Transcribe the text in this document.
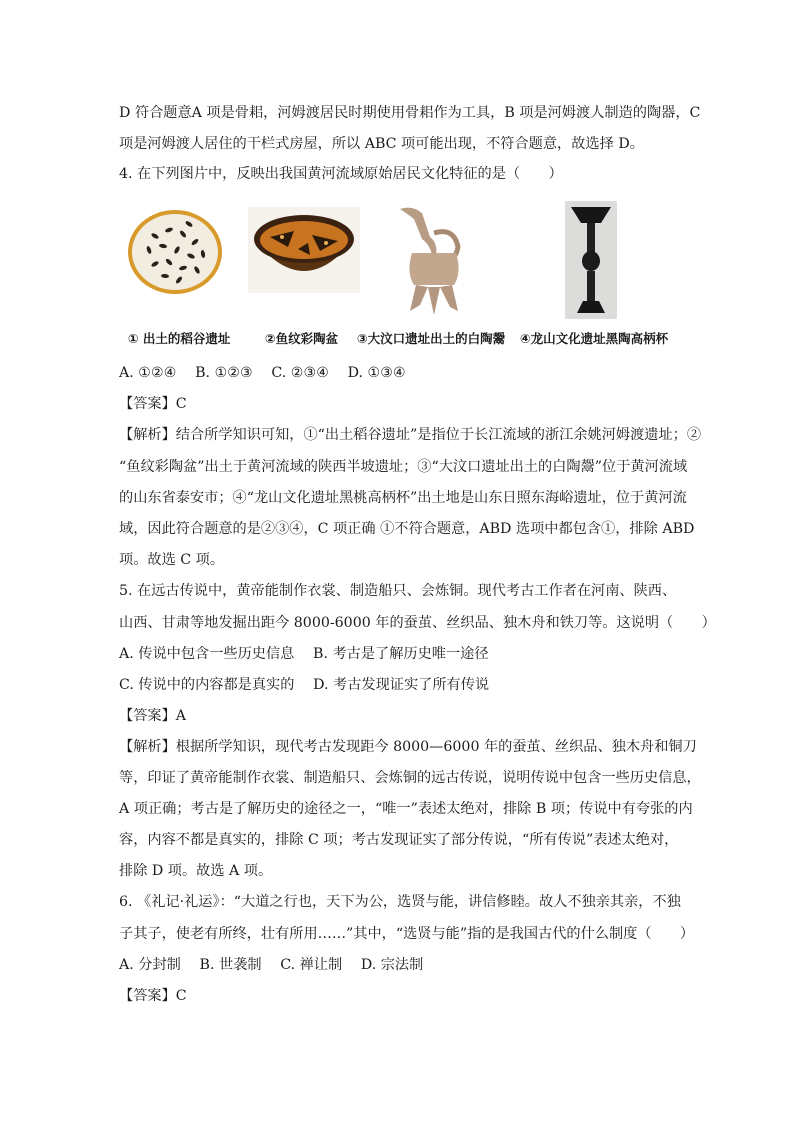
D 符合题意A 项是骨耜，河姆渡居民时期使用骨耜作为工具，B 项是河姆渡人制造的陶器，C
项是河姆渡人居住的干栏式房屋，所以 ABC 项可能出现，不符合题意，故选择 D。
4. 在下列图片中，反映出我国黄河流域原始居民文化特征的是（　　）
① 出土的稻谷遗址	②鱼纹彩陶盆 ③大汶口遗址出土的白陶鬶 ④龙山文化遗址黑陶高柄杯
A. ①②④　 B. ①②③　 C. ②③④　 D. ①③④
【答案】C
【解析】结合所学知识可知，①“出土稻谷遗址”是指位于长江流域的浙江余姚河姆渡遗址；②
“鱼纹彩陶盆”出土于黄河流域的陕西半坡遗址；③“大汶口遗址出土的白陶鬶”位于黄河流域
的山东省泰安市；④“龙山文化遗址黑桃高柄杯”出土地是山东日照东海峪遗址，位于黄河流
域，因此符合题意的是②③④，C 项正确 ①不符合题意，ABD 选项中都包含①，排除 ABD
项。故选 C 项。
5. 在远古传说中，黄帝能制作衣裳、制造船只、会炼铜。现代考古工作者在河南、陕西、
山西、甘肃等地发掘出距今 8000-6000 年的蚕茧、丝织品、独木舟和铁刀等。这说明（　　）
A. 传说中包含一些历史信息　 B. 考古是了解历史唯一途径
C. 传说中的内容都是真实的　 D. 考古发现证实了所有传说
【答案】A
【解析】根据所学知识，现代考古发现距今 8000—6000 年的蚕茧、丝织品、独木舟和铜刀
等，印证了黄帝能制作衣裳、制造船只、会炼铜的远古传说，说明传说中包含一些历史信息，
A 项正确；考古是了解历史的途径之一，“唯一”表述太绝对，排除 B 项；传说中有夸张的内
容，内容不都是真实的，排除 C 项；考古发现证实了部分传说，“所有传说”表述太绝对，
排除 D 项。故选 A 项。
6. 《礼记·礼运》：“大道之行也，天下为公，选贤与能，讲信修睦。故人不独亲其亲，不独
子其子，使老有所终，壮有所用……”其中，“选贤与能”指的是我国古代的什么制度（　　）
A. 分封制　 B. 世袭制　 C. 禅让制　 D. 宗法制
【答案】C
